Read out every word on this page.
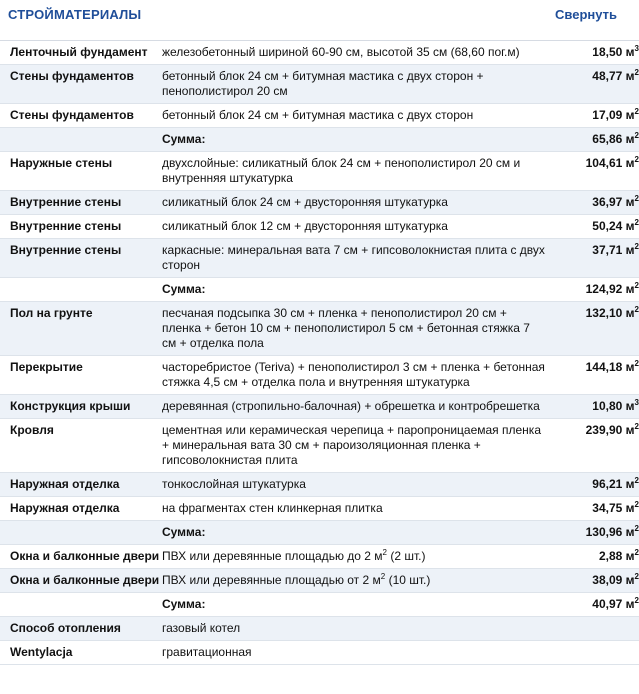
СТРОЙМАТЕРИАЛЫ	Свернуть
Ленточный фундамент	железобетонный шириной 60-90 см, высотой 35 см (68,60 пог.м)	18,50 $м^3$
Стены фундаментов	бетонный блок 24 см + битумная мастика с двух сторон + пенополистирол 20 см	48,77 $м^2$
Стены фундаментов	бетонный блок 24 см + битумная мастика с двух сторон	17,09 $м^2$
	Сумма:	65,86 $м^2$
Наружные стены	двухслойные: силикатный блок 24 см + пенополистирол 20 см и внутренняя штукатурка	104,61 $м^2$
Внутренние стены	силикатный блок 24 см + двусторонняя штукатурка	36,97 $м^2$
Внутренние стены	силикатный блок 12 см + двусторонняя штукатурка	50,24 $м^2$
Внутренние стены	каркасные: минеральная вата 7 см + гипсоволокнистая плита с двух сторон	37,71 $м^2$
	Сумма:	124,92 $м^2$
Пол на грунте	песчаная подсыпка 30 см + пленка + пенополистирол 20 см + пленка + бетон 10 см + пенополистирол 5 см + бетонная стяжка 7 см + отделка пола	132,10 $м^2$
Перекрытие	часторебристое (Teriva) + пенополистирол 3 см + пленка + бетонная стяжка 4,5 см + отделка пола и внутренняя штукатурка	144,18 $м^2$
Конструкция крыши	деревянная (стропильно-балочная) + обрешетка и контробрешетка	10,80 $м^3$
Кровля	цементная или керамическая черепица + паропроницаемая пленка + минеральная вата 30 см + пароизоляционная пленка + гипсоволокнистая плита	239,90 $м^2$
Наружная отделка	тонкослойная штукатурка	96,21 $м^2$
Наружная отделка	на фрагментах стен клинкерная плитка	34,75 $м^2$
	Сумма:	130,96 $м^2$
Окна и балконные двери	ПВХ или деревянные площадью до 2 $м^2$ (2 шт.)	2,88 $м^2$
Окна и балконные двери	ПВХ или деревянные площадью от 2 $м^2$ (10 шт.)	38,09 $м^2$
	Сумма:	40,97 $м^2$
Способ отопления	газовый котел	
Wentylacja	гравитационная	
